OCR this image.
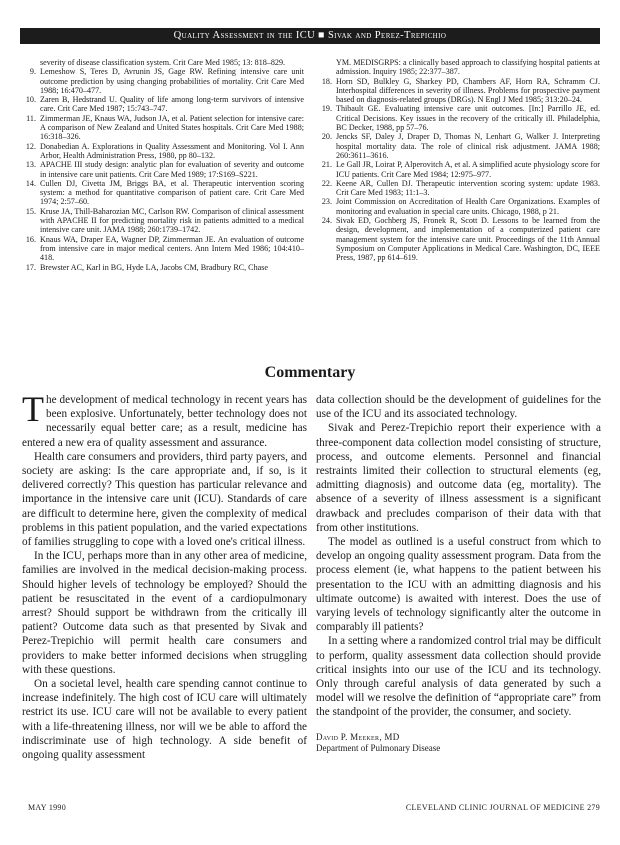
Quality Assessment in the ICU ■ Sivak and Perez-Trepichio
severity of disease classification system. Crit Care Med 1985; 13: 818–829.
9. Lemeshow S, Teres D, Avrunin JS, Gage RW. Refining intensive care unit outcome prediction by using changing probabilities of mortality. Crit Care Med 1988; 16:470–477.
10. Zaren B, Hedstrand U. Quality of life among long-term survivors of intensive care. Crit Care Med 1987; 15:743–747.
11. Zimmerman JE, Knaus WA, Judson JA, et al. Patient selection for intensive care: A comparison of New Zealand and United States hospitals. Crit Care Med 1988; 16:318–326.
12. Donabedian A. Explorations in Quality Assessment and Monitoring. Vol I. Ann Arbor, Health Administration Press, 1980, pp 80–132.
13. APACHE III study design: analytic plan for evaluation of severity and outcome in intensive care unit patients. Crit Care Med 1989; 17:S169–S221.
14. Cullen DJ, Civetta JM, Briggs BA, et al. Therapeutic intervention scoring system: a method for quantitative comparison of patient care. Crit Care Med 1974; 2:57–60.
15. Kruse JA, Thill-Baharozian MC, Carlson RW. Comparison of clinical assessment with APACHE II for predicting mortality risk in patients admitted to a medical intensive care unit. JAMA 1988; 260:1739–1742.
16. Knaus WA, Draper EA, Wagner DP, Zimmerman JE. An evaluation of outcome from intensive care in major medical centers. Ann Intern Med 1986; 104:410–418.
17. Brewster AC, Karl in BG, Hyde LA, Jacobs CM, Bradbury RC, Chase
YM. MEDISGRPS: a clinically based approach to classifying hospital patients at admission. Inquiry 1985; 22:377–387.
18. Horn SD, Bulkley G, Sharkey PD, Chambers AF, Horn RA, Schramm CJ. Interhospital differences in severity of illness. Problems for prospective payment based on diagnosis-related groups (DRGs). N Engl J Med 1985; 313:20–24.
19. Thibault GE. Evaluating intensive care unit outcomes. [In:] Parrillo JE, ed. Critical Decisions. Key issues in the recovery of the critically ill. Philadelphia, BC Decker, 1988, pp 57–76.
20. Jencks SF, Daley J, Draper D, Thomas N, Lenhart G, Walker J. Interpreting hospital mortality data. The role of clinical risk adjustment. JAMA 1988; 260:3611–3616.
21. Le Gall JR, Loirat P, Alperovitch A, et al. A simplified acute physiology score for ICU patients. Crit Care Med 1984; 12:975–977.
22. Keene AR, Cullen DJ. Therapeutic intervention scoring system: update 1983. Crit Care Med 1983; 11:1–3.
23. Joint Commission on Accreditation of Health Care Organizations. Examples of monitoring and evaluation in special care units. Chicago, 1988, p 21.
24. Sivak ED, Gochberg JS, Fronek R, Scott D. Lessons to be learned from the design, development, and implementation of a computerized patient care management system for the intensive care unit. Proceedings of the 11th Annual Symposium on Computer Applications in Medical Care. Washington, DC, IEEE Press, 1987, pp 614–619.
Commentary

The development of medical technology in recent years has been explosive. Unfortunately, better technology does not necessarily equal better care; as a result, medicine has entered a new era of quality assessment and assurance.

Health care consumers and providers, third party payers, and society are asking: Is the care appropriate and, if so, is it delivered correctly? This question has particular relevance and importance in the intensive care unit (ICU). Standards of care are difficult to determine here, given the complexity of medical problems in this patient population, and the varied expectations of families struggling to cope with a loved one's critical illness.

In the ICU, perhaps more than in any other area of medicine, families are involved in the medical decision-making process. Should higher levels of technology be employed? Should the patient be resuscitated in the event of a cardiopulmonary arrest? Should support be withdrawn from the critically ill patient? Outcome data such as that presented by Sivak and Perez-Trepichio will permit health care consumers and providers to make better informed decisions when struggling with these questions.

On a societal level, health care spending cannot continue to increase indefinitely. The high cost of ICU care will ultimately restrict its use. ICU care will not be available to every patient with a life-threatening illness, nor will we be able to afford the indiscriminate use of high technology. A side benefit of ongoing quality assessment

data collection should be the development of guidelines for the use of the ICU and its associated technology.

Sivak and Perez-Trepichio report their experience with a three-component data collection model consisting of structure, process, and outcome elements. Personnel and financial restraints limited their collection to structural elements (eg, admitting diagnosis) and outcome data (eg, mortality). The absence of a severity of illness assessment is a significant drawback and precludes comparison of their data with that from other institutions.

The model as outlined is a useful construct from which to develop an ongoing quality assessment program. Data from the process element (ie, what happens to the patient between his presentation to the ICU with an admitting diagnosis and his ultimate outcome) is awaited with interest. Does the use of varying levels of technology significantly alter the outcome in comparably ill patients?

In a setting where a randomized control trial may be difficult to perform, quality assessment data collection should provide critical insights into our use of the ICU and its technology. Only through careful analysis of data generated by such a model will we resolve the definition of “appropriate care” from the standpoint of the provider, the consumer, and society.

David P. Meeker, MD
Department of Pulmonary Disease
MAY 1990	CLEVELAND CLINIC JOURNAL OF MEDICINE 279
